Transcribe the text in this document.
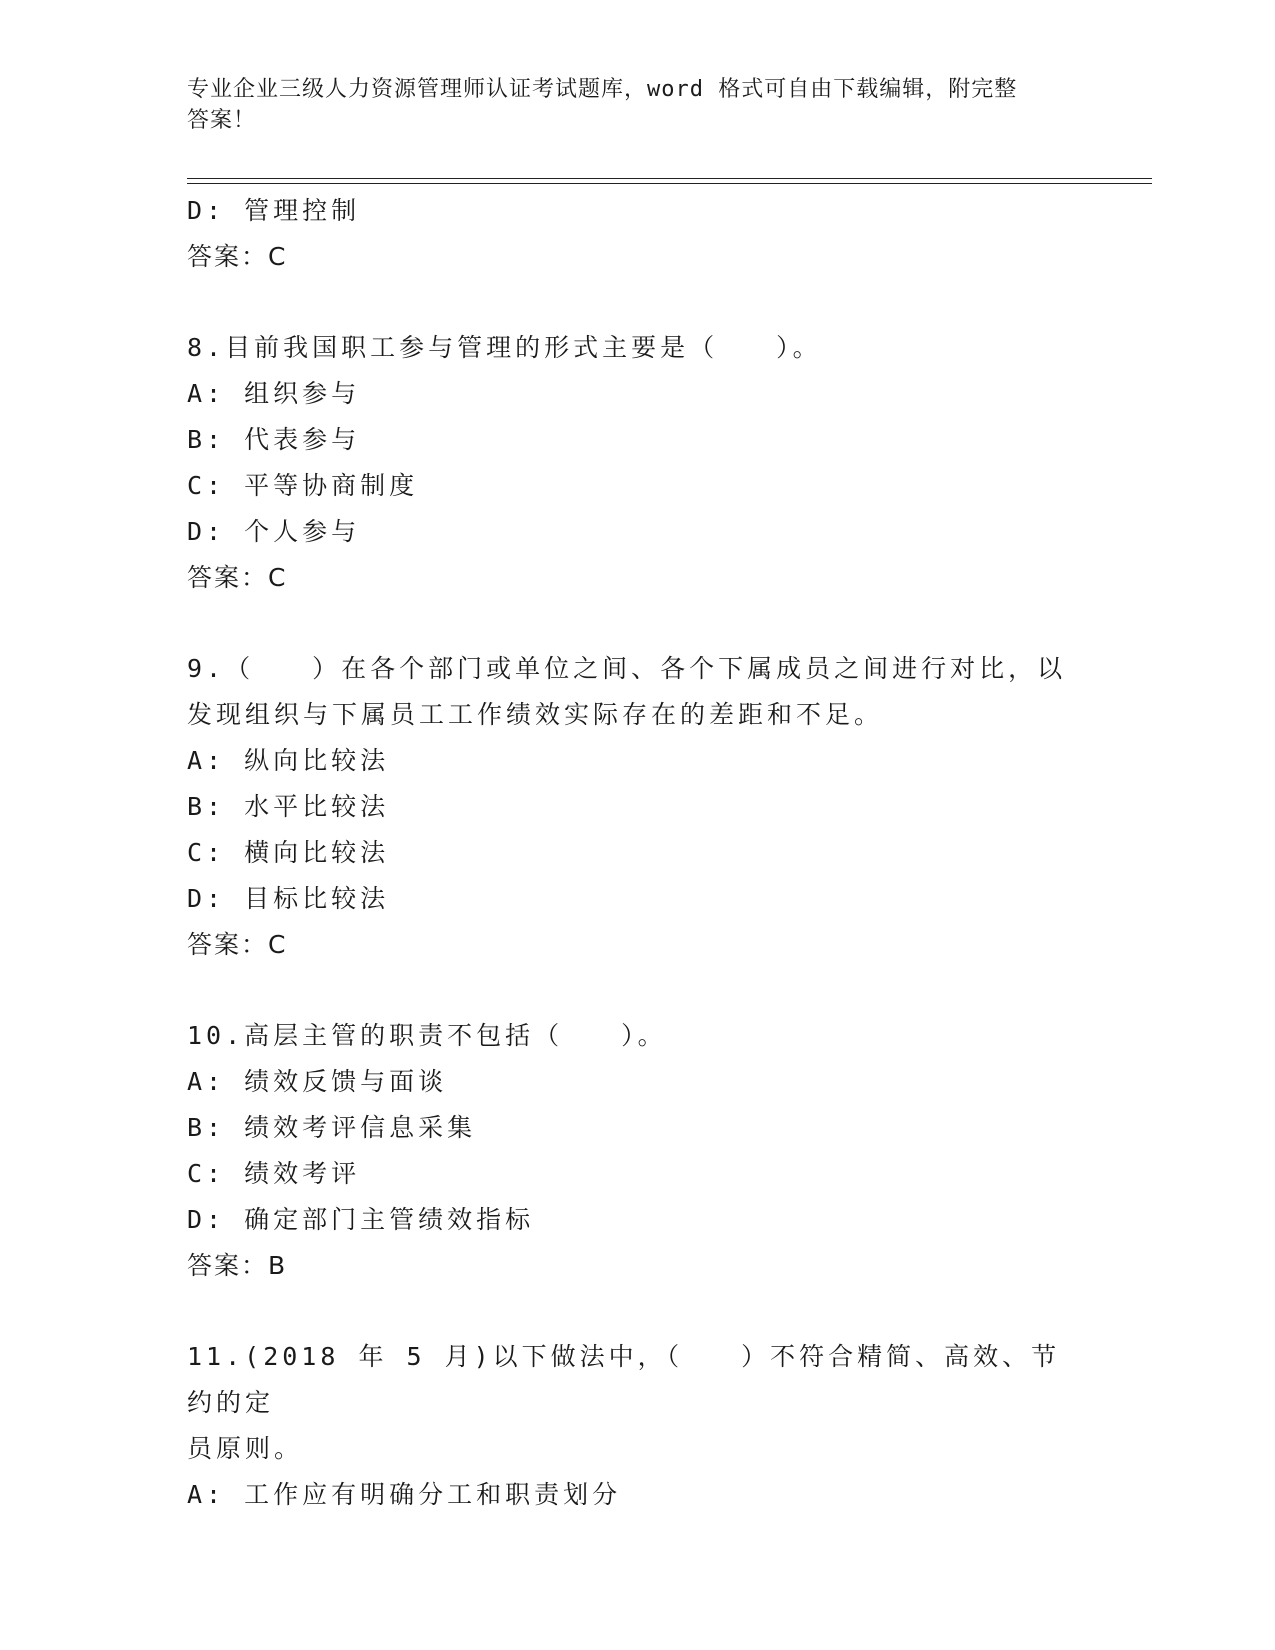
专业企业三级人力资源管理师认证考试题库，word 格式可自由下载编辑，附完整
答案！
D: 管理控制
答案：C
8.目前我国职工参与管理的形式主要是（　　）。
A: 组织参与
B: 代表参与
C: 平等协商制度
D: 个人参与
答案：C
9.（　　）在各个部门或单位之间、各个下属成员之间进行对比，以
发现组织与下属员工工作绩效实际存在的差距和不足。
A: 纵向比较法
B: 水平比较法
C: 横向比较法
D: 目标比较法
答案：C
10.高层主管的职责不包括（　　）。
A: 绩效反馈与面谈
B: 绩效考评信息采集
C: 绩效考评
D: 确定部门主管绩效指标
答案：B
11.(2018 年 5 月)以下做法中，（　　）不符合精简、高效、节约的定
员原则。
A: 工作应有明确分工和职责划分
